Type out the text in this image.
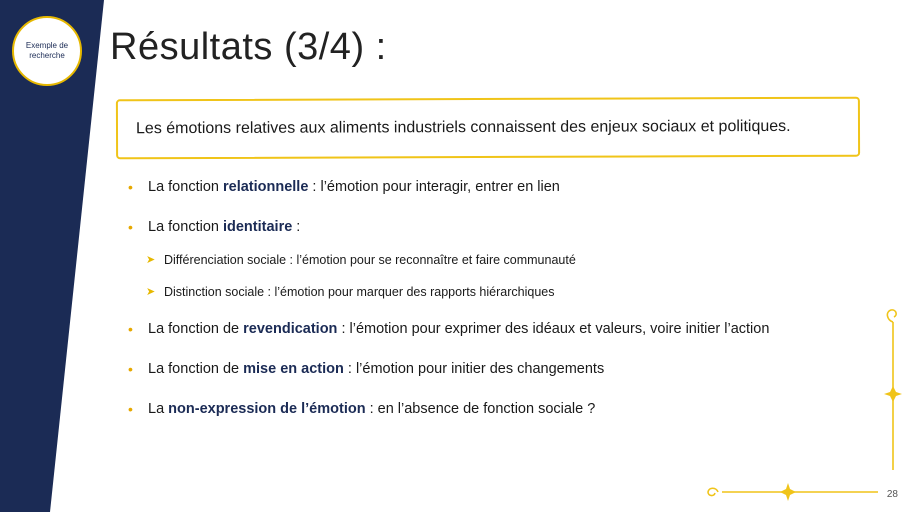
Exemple de
recherche Résultats (3/4) :
Les émotions relatives aux aliments industriels connaissent des enjeux sociaux et politiques.
• La fonction relationnelle : l’émotion pour interagir, entrer en lien
• La fonction identitaire :
➤ Différenciation sociale : l’émotion pour se reconnaître et faire communauté
➤ Distinction sociale : l’émotion pour marquer des rapports hiérarchiques
• La fonction de revendication : l’émotion pour exprimer des idéaux et valeurs, voire initier l’action
• La fonction de mise en action : l’émotion pour initier des changements
• La non-expression de l’émotion : en l’absence de fonction sociale ?
28
